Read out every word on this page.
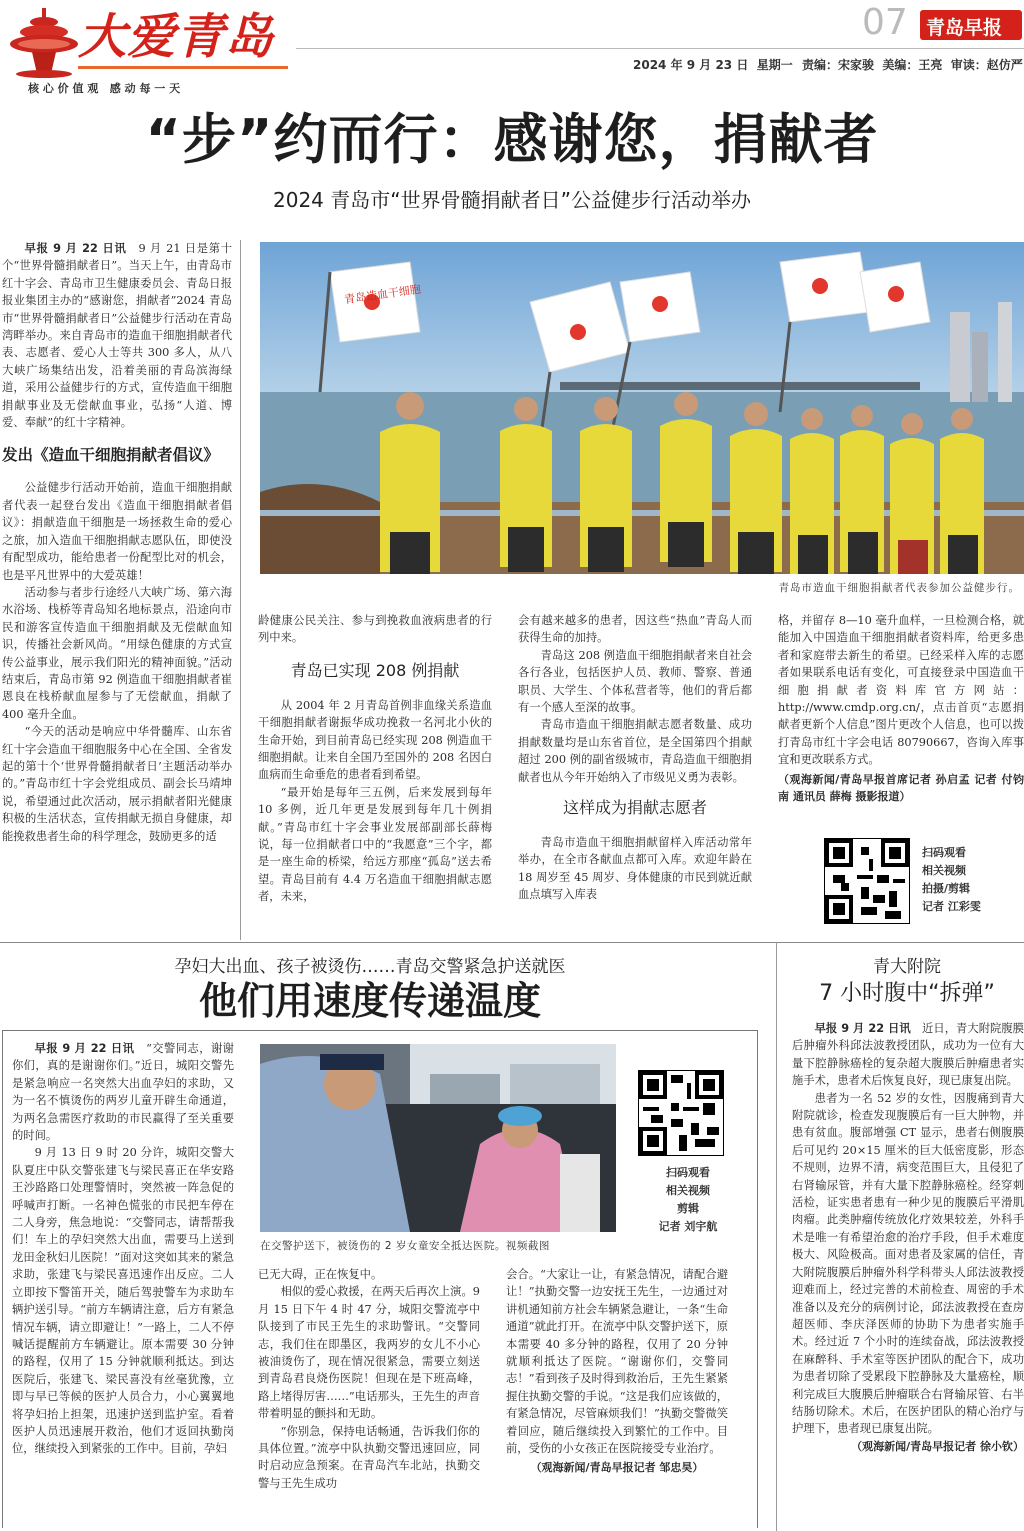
大爱青岛
核 心 价 值 观   感 动 每 一 天
07 青岛早报
2024 年 9 月 23 日  星期一 责编：宋家骏  美编：王亮  审读：赵仿严
“步”约而行：感谢您，捐献者
2024 青岛市“世界骨髓捐献者日”公益健步行活动举办

早报 9 月 22 日讯　 9 月 21 日是第十个“世界骨髓捐献者日”。当天上午，由青岛市红十字会、青岛市卫生健康委员会、青岛日报报业集团主办的“感谢您，捐献者”2024 青岛市“世界骨髓捐献者日”公益健步行活动在青岛湾畔举办。来自青岛市的造血干细胞捐献者代表、志愿者、爱心人士等共 300 多人，从八大峡广场集结出发，沿着美丽的青岛滨海绿道，采用公益健步行的方式，宣传造血干细胞捐献事业及无偿献血事业，弘扬“人道、博爱、奉献”的红十字精神。

发出《造血干细胞捐献者倡议》

公益健步行活动开始前，造血干细胞捐献者代表一起登台发出《造血干细胞捐献者倡议》：捐献造血干细胞是一场拯救生命的爱心之旅，加入造血干细胞捐献志愿队伍，即使没有配型成功，能给患者一份配型比对的机会，也是平凡世界中的大爱英雄！

活动参与者步行途经八大峡广场、第六海水浴场、栈桥等青岛知名地标景点，沿途向市民和游客宣传造血干细胞捐献及无偿献血知识，传播社会新风尚。“用绿色健康的方式宣传公益事业，展示我们阳光的精神面貌。”活动结束后，青岛市第 92 例造血干细胞捐献者崔恩良在栈桥献血屋参与了无偿献血，捐献了 400 毫升全血。

“今天的活动是响应中华骨髓库、山东省红十字会造血干细胞服务中心在全国、全省发起的第十个‘世界骨髓捐献者日’主题活动举办的。”青岛市红十字会党组成员、副会长马靖坤说，希望通过此次活动，展示捐献者阳光健康积极的生活状态，宣传捐献无损自身健康，却能挽救患者生命的科学理念，鼓励更多的适

青岛造血干细胞
青岛市造血干细胞捐献者代表参加公益健步行。

龄健康公民关注、参与到挽救血液病患者的行列中来。

青岛已实现 208 例捐献

从 2004 年 2 月青岛首例非血缘关系造血干细胞捐献者谢振华成功挽救一名河北小伙的生命开始，到目前青岛已经实现 208 例造血干细胞捐献。让来自全国乃至国外的 208 名因白血病而生命垂危的患者看到希望。

“最开始是每年三五例，后来发展到每年 10 多例，近几年更是发展到每年几十例捐献。”青岛市红十字会事业发展部副部长薛梅说，每一位捐献者口中的“我愿意”三个字，都是一座生命的桥梁，给远方那座“孤岛”送去希望。青岛目前有 4.4 万名造血干细胞捐献志愿者，未来，

会有越来越多的患者，因这些“热血”青岛人而获得生命的加持。

青岛这 208 例造血干细胞捐献者来自社会各行各业，包括医护人员、教师、警察、普通职员、大学生、个体私营者等，他们的背后都有一个感人至深的故事。

青岛市造血干细胞捐献志愿者数量、成功捐献数量均是山东省首位，是全国第四个捐献超过 200 例的副省级城市，青岛造血干细胞捐献者也从今年开始纳入了市级见义勇为表彰。

这样成为捐献志愿者

青岛市造血干细胞捐献留样入库活动常年举办，在全市各献血点都可入库。欢迎年龄在 18 周岁至 45 周岁、身体健康的市民到就近献血点填写入库表

格，并留存 8—10 毫升血样，一旦检测合格，就能加入中国造血干细胞捐献者资料库，给更多患者和家庭带去新生的希望。已经采样入库的志愿者如果联系电话有变化，可直接登录中国造血干细胞捐献者资料库官方网站：http://www.cmdp.org.cn/，点击首页“志愿捐献者更新个人信息”图片更改个人信息，也可以拨打青岛市红十字会电话 80790667，咨询入库事宜和更改联系方式。

（观海新闻/青岛早报首席记者 孙启孟 记者 付钧南 通讯员 薛梅 摄影报道）

扫码观看
相关视频
拍摄/剪辑
记者 江彩雯
孕妇大出血、孩子被烫伤……青岛交警紧急护送就医
他们用速度传递温度

早报 9 月 22 日讯　 “交警同志，谢谢你们，真的是谢谢你们。”近日，城阳交警先是紧急响应一名突然大出血孕妇的求助，又为一名不慎烫伤的两岁儿童开辟生命通道，为两名急需医疗救助的市民赢得了至关重要的时间。

9 月 13 日 9 时 20 分许，城阳交警大队夏庄中队交警张建飞与梁民喜正在华安路王沙路路口处理警情时，突然被一阵急促的呼喊声打断。一名神色慌张的市民把车停在二人身旁，焦急地说：“交警同志，请帮帮我们！车上的孕妇突然大出血，需要马上送到龙田金秋妇儿医院！”面对这突如其来的紧急求助，张建飞与梁民喜迅速作出反应。二人立即按下警笛开关，随后驾驶警车为求助车辆护送引导。“前方车辆请注意，后方有紧急情况车辆，请立即避让！”一路上，二人不停喊话提醒前方车辆避让。原本需要 30 分钟的路程，仅用了 15 分钟就顺利抵达。到达医院后，张建飞、梁民喜没有丝毫犹豫，立即与早已等候的医护人员合力，小心翼翼地将孕妇抬上担架，迅速护送到监护室。看着医护人员迅速展开救治，他们才返回执勤岗位，继续投入到紧张的工作中。目前，孕妇

在交警护送下，被烫伤的 2 岁女童安全抵达医院。视频截图
扫码观看
相关视频
剪辑
记者 刘宇航

已无大碍，正在恢复中。

相似的爱心救援，在两天后再次上演。9 月 15 日下午 4 时 47 分，城阳交警流亭中队接到了市民王先生的求助警讯。“交警同志，我们住在即墨区，我两岁的女儿不小心被油烫伤了，现在情况很紧急，需要立刻送到青岛君良烧伤医院！但现在是下班高峰，路上堵得厉害……”电话那头，王先生的声音带着明显的颤抖和无助。

“你别急，保持电话畅通，告诉我们你的具体位置。”流亭中队执勤交警迅速回应，同时启动应急预案。在青岛汽车北站，执勤交警与王先生成功

会合。“大家让一让，有紧急情况，请配合避让！”执勤交警一边安抚王先生，一边通过对讲机通知前方社会车辆紧急避让，一条“生命通道”就此打开。在流亭中队交警护送下，原本需要 40 多分钟的路程，仅用了 20 分钟就顺利抵达了医院。“谢谢你们，交警同志！”看到孩子及时得到救治后，王先生紧紧握住执勤交警的手说。“这是我们应该做的，有紧急情况，尽管麻烦我们！”执勤交警微笑着回应，随后继续投入到繁忙的工作中。目前，受伤的小女孩正在医院接受专业治疗。

（观海新闻/青岛早报记者 邹忠昊）

青大附院
7 小时腹中“拆弹”

早报 9 月 22 日讯　 近日，青大附院腹膜后肿瘤外科邱法波教授团队，成功为一位有大量下腔静脉癌栓的复杂超大腹膜后肿瘤患者实施手术，患者术后恢复良好，现已康复出院。

患者为一名 52 岁的女性，因腹痛到青大附院就诊，检查发现腹膜后有一巨大肿物，并患有贫血。腹部增强 CT 显示，患者右侧腹膜后可见约 20×15 厘米的巨大低密度影，形态不规则，边界不清，病变范围巨大，且侵犯了右肾输尿管，并有大量下腔静脉癌栓。经穿刺活检，证实患者患有一种少见的腹膜后平滑肌肉瘤。此类肿瘤传统放化疗效果较差，外科手术是唯一有希望治愈的治疗手段，但手术难度极大、风险极高。面对患者及家属的信任，青大附院腹膜后肿瘤外科学科带头人邱法波教授迎难而上，经过完善的术前检查、周密的手术准备以及充分的病例讨论，邱法波教授在查房超医师、李庆泽医师的协助下为患者实施手术。经过近 7 个小时的连续奋战，邱法波教授在麻醉科、手术室等医护团队的配合下，成功为患者切除了受累段下腔静脉及大量癌栓，顺利完成巨大腹膜后肿瘤联合右肾输尿管、右半结肠切除术。术后，在医护团队的精心治疗与护理下，患者现已康复出院。

（观海新闻/青岛早报记者 徐小钦）
